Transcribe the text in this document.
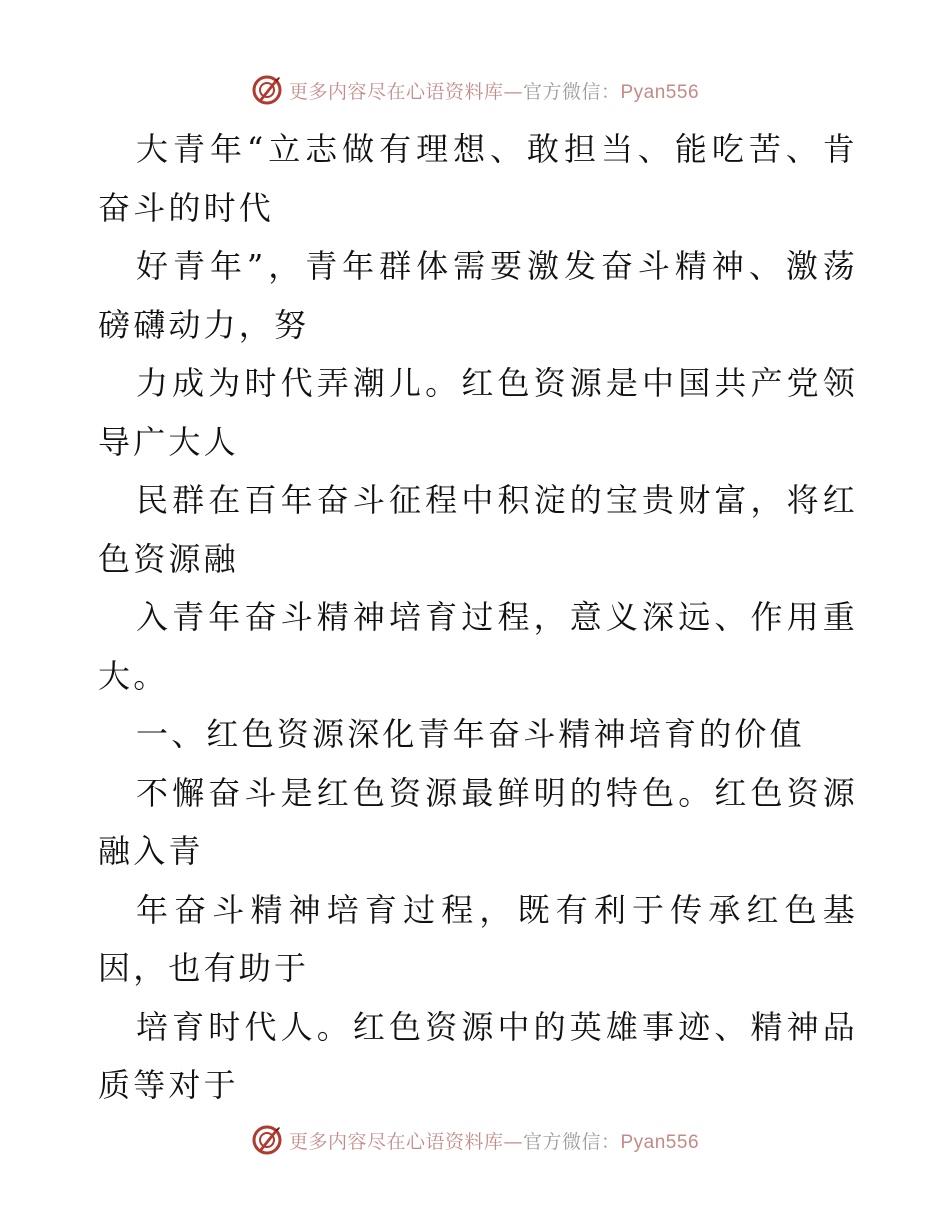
更多内容尽在心语资料库—官方微信：Pyan556

大青年“立志做有理想、敢担当、能吃苦、肯奋斗的时代

好青年”，青年群体需要激发奋斗精神、激荡磅礴动力，努

力成为时代弄潮儿。红色资源是中国共产党领导广大人

民群在百年奋斗征程中积淀的宝贵财富，将红色资源融

入青年奋斗精神培育过程，意义深远、作用重大。

一、红色资源深化青年奋斗精神培育的价值

不懈奋斗是红色资源最鲜明的特色。红色资源融入青

年奋斗精神培育过程，既有利于传承红色基因，也有助于

培育时代人。红色资源中的英雄事迹、精神品质等对于

更多内容尽在心语资料库—官方微信：Pyan556
